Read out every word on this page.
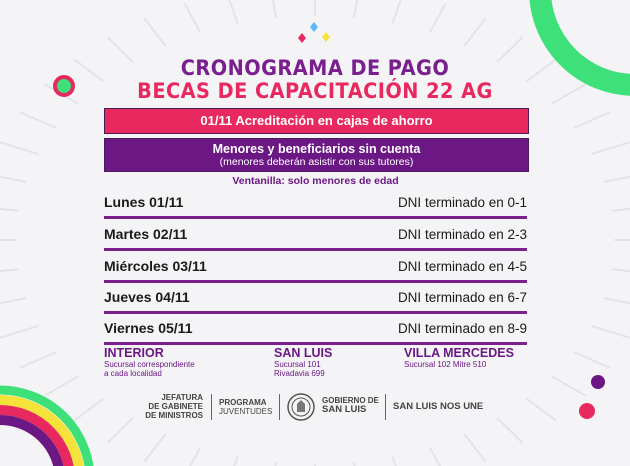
CRONOGRAMA DE PAGO
BECAS DE CAPACITACIÓN 22 AG
01/11 Acreditación en cajas de ahorro
Menores y beneficiarios sin cuenta
(menores deberán asistir con sus tutores)
Ventanilla: solo menores de edad
Lunes 01/11	DNI terminado en 0-1
Martes 02/11	DNI terminado en 2-3
Miércoles 03/11	DNI terminado en 4-5
Jueves 04/11	DNI terminado en 6-7
Viernes 05/11	DNI terminado en 8-9
INTERIOR
Sucursal correspondiente
a cada localidad
SAN LUIS
Sucursal 101
Rivadavia 699
VILLA MERCEDES
Sucursal 102 Mitre 510
JEFATURA
DE GABINETE
DE MINISTROS
PROGRAMA
JUVENTUDES
GOBIERNO DE
SAN LUIS	SAN LUIS NOS UNE
